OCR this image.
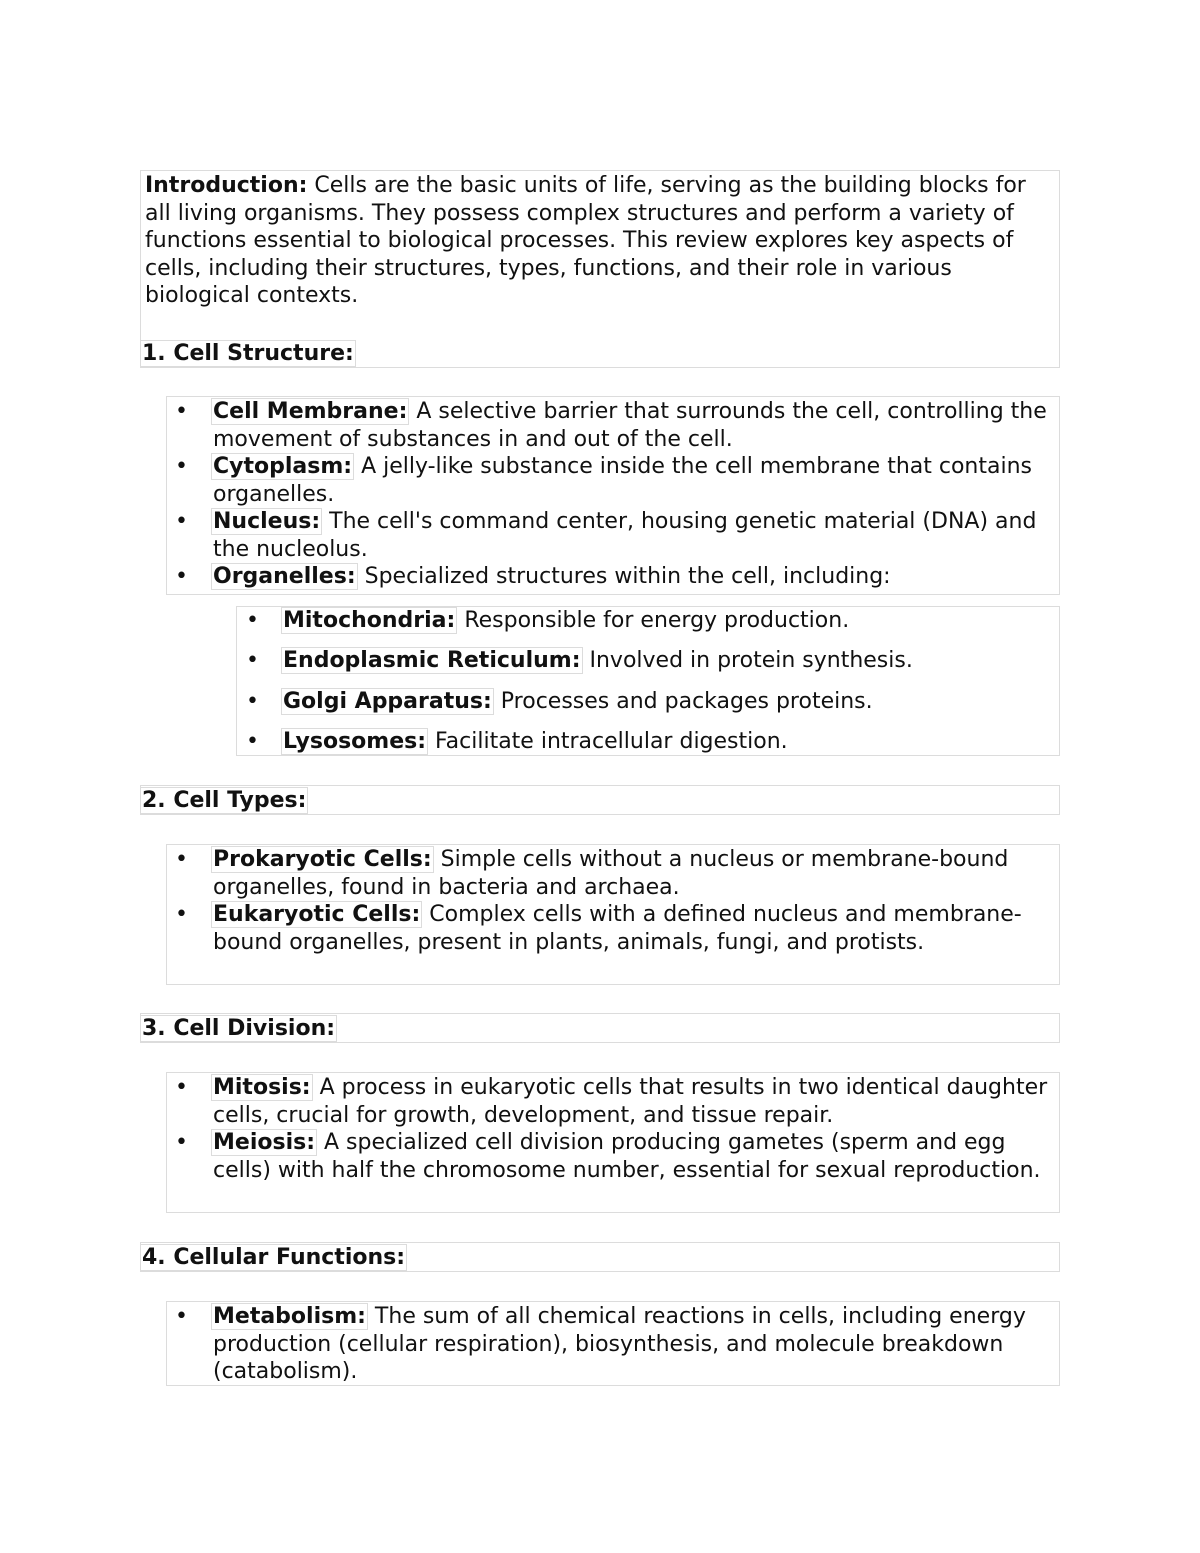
Introduction: Cells are the basic units of life, serving as the building blocks for all living organisms. They possess complex structures and perform a variety of functions essential to biological processes. This review explores key aspects of cells, including their structures, types, functions, and their role in various biological contexts.
1. Cell Structure:
• Cell Membrane: A selective barrier that surrounds the cell, controlling the movement of substances in and out of the cell.
• Cytoplasm: A jelly-like substance inside the cell membrane that contains organelles.
• Nucleus: The cell's command center, housing genetic material (DNA) and the nucleolus.
• Organelles: Specialized structures within the cell, including:
• Mitochondria: Responsible for energy production.
• Endoplasmic Reticulum: Involved in protein synthesis.
• Golgi Apparatus: Processes and packages proteins.
• Lysosomes: Facilitate intracellular digestion.
2. Cell Types:
• Prokaryotic Cells: Simple cells without a nucleus or membrane-bound organelles, found in bacteria and archaea.
• Eukaryotic Cells: Complex cells with a defined nucleus and membrane-bound organelles, present in plants, animals, fungi, and protists.
3. Cell Division:
• Mitosis: A process in eukaryotic cells that results in two identical daughter cells, crucial for growth, development, and tissue repair.
• Meiosis: A specialized cell division producing gametes (sperm and egg cells) with half the chromosome number, essential for sexual reproduction.
4. Cellular Functions:
• Metabolism: The sum of all chemical reactions in cells, including energy production (cellular respiration), biosynthesis, and molecule breakdown (catabolism).
